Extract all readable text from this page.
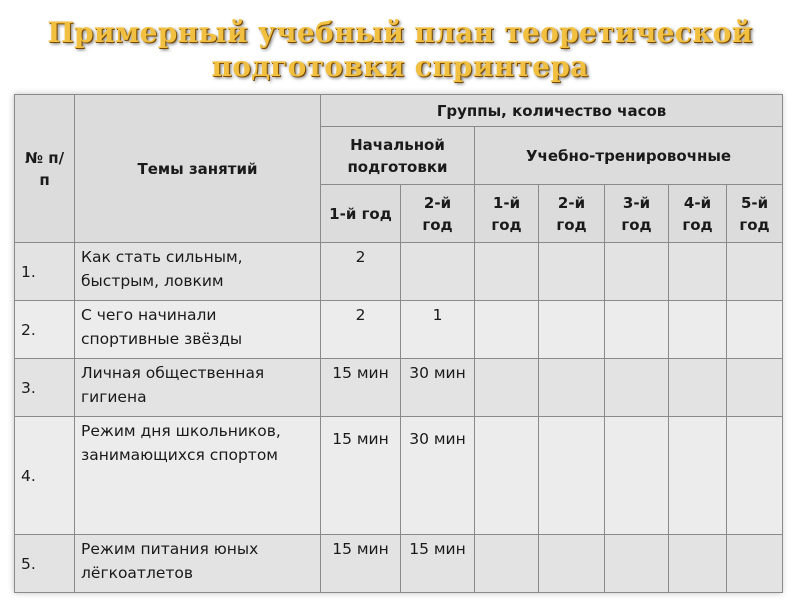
Примерный учебный план теоретической
подготовки спринтера
№ п/п	Темы занятий	Группы, количество часов						
		Начальной подготовки		Учебно-тренировочные				
		1-й год	2-й год	1-й год	2-й год	3-й год	4-й год	5-й год
1.	Как стать сильным, быстрым, ловким	2						
2.	С чего начинали спортивные звёзды	2	1					
3.	Личная общественная гигиена	15 мин	30 мин					
4.	Режим дня школьников, занимающихся спортом	15 мин	30 мин					
5.	Режим питания юных лёгкоатлетов	15 мин	15 мин					
